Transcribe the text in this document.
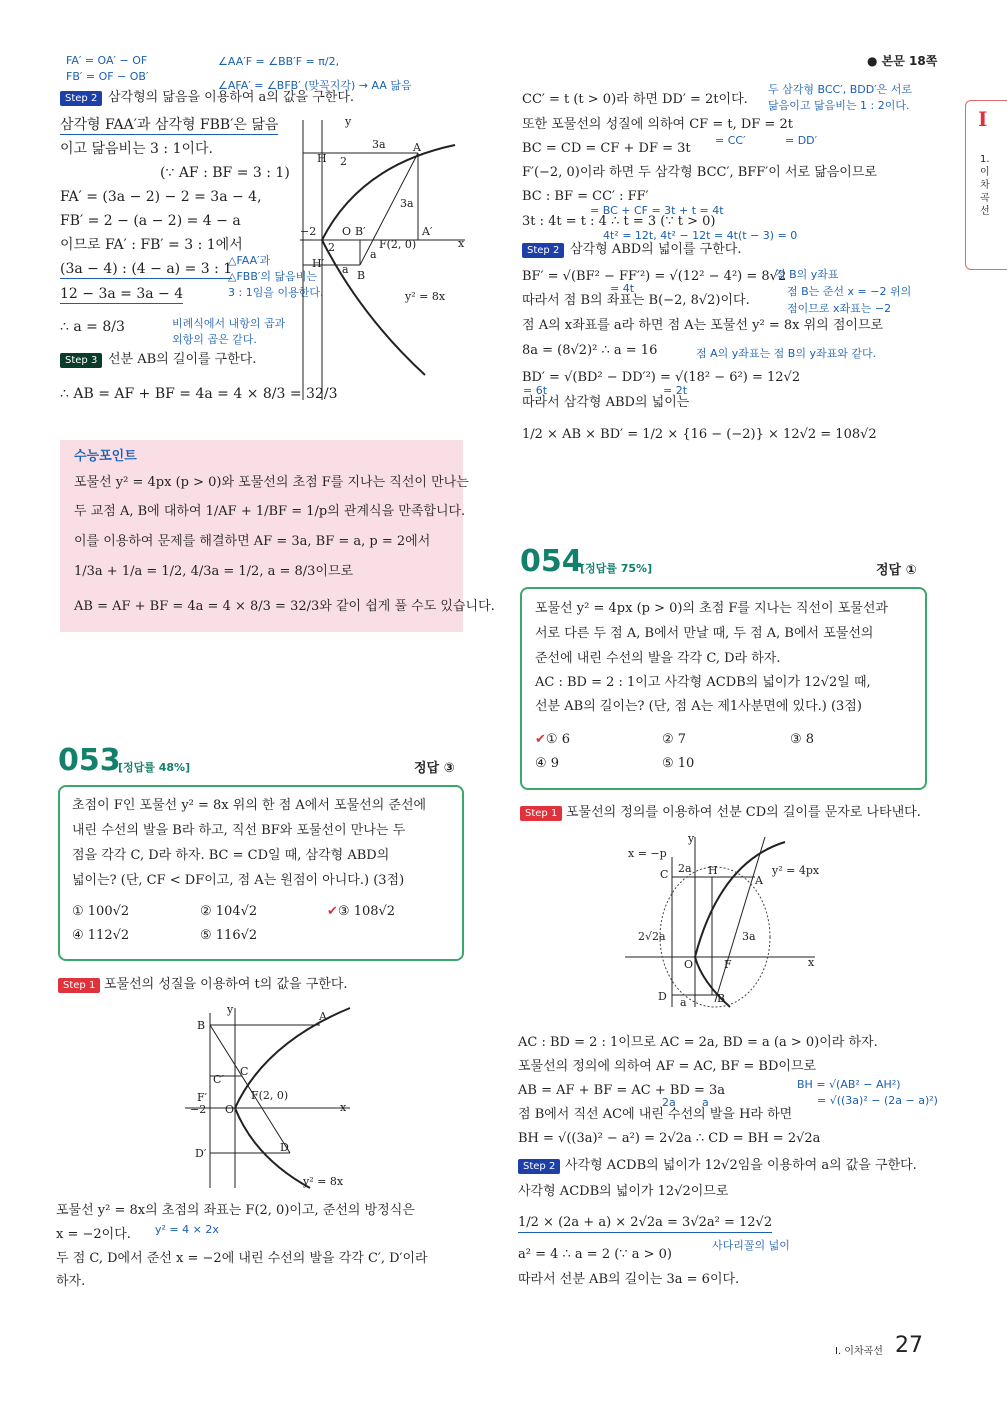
● 본문 18쪽
I
1. 이차곡선
FA′ = OA′ − OF
FB′ = OF − OB′
∠AA′F = ∠BB′F = π/2,
∠AFA′ = ∠BFB′ (맞꼭지각) → AA 닮음
Step 2 삼각형의 닮음을 이용하여 a의 값을 구한다.
삼각형 FAA′과 삼각형 FBB′은 닮음
이고 닮음비는 3 : 1이다.
(∵ AF : BF = 3 : 1)
FA′ = (3a − 2) − 2 = 3a − 4,
FB′ = 2 − (a − 2) = 4 − a
이므로 FA′ : FB′ = 3 : 1에서
(3a − 4) : (4 − a) = 3 : 1
12 − 3a = 3a − 4
∴ a = 8/3
△FAA′과
△FBB′의 닮음비는
3 : 1임을 이용한다.
비례식에서 내항의 곱과
외항의 곱은 같다.
Step 3 선분 AB의 길이를 구한다.
∴ AB = AF + BF = 4a = 4 × 8/3 = 32/3
y
x
H
A
3a
2
3a
−2 O B′	A′
F(2, 0)
H′ a B
2
a
y² = 8x
수능포인트
포물선 y² = 4px (p > 0)와 포물선의 초점 F를 지나는 직선이 만나는
두 교점 A, B에 대하여 1/AF + 1/BF = 1/p의 관계식을 만족합니다.
이를 이용하여 문제를 해결하면 AF = 3a, BF = a, p = 2에서
1/3a + 1/a = 1/2, 4/3a = 1/2, a = 8/3이므로
AB = AF + BF = 4a = 4 × 8/3 = 32/3와 같이 쉽게 풀 수도 있습니다.
053
[정답률 48%]	정답 ③
초점이 F인 포물선 y² = 8x 위의 한 점 A에서 포물선의 준선에
내린 수선의 발을 B라 하고, 직선 BF와 포물선이 만나는 두
점을 각각 C, D라 하자. BC = CD일 때, 삼각형 ABD의
넓이는? (단, CF < DF이고, 점 A는 원점이 아니다.) (3점)
① 100√2	② 104√2	✔③ 108√2
④ 112√2	⑤ 116√2
Step 1 포물선의 성질을 이용하여 t의 값을 구한다.
y
x
B
A
C
C′
F′	F(2, 0)
−2 O
D′	D
y² = 8x
포물선 y² = 8x의 초점의 좌표는 F(2, 0)이고, 준선의 방정식은
x = −2이다. y² = 4 × 2x
두 점 C, D에서 준선 x = −2에 내린 수선의 발을 각각 C′, D′이라
하자.
CC′ = t (t > 0)라 하면 DD′ = 2t이다.
두 삼각형 BCC′, BDD′은 서로
닮음이고 닮음비는 1 : 2이다.
또한 포물선의 성질에 의하여 CF = t, DF = 2t
= CC′	= DD′
BC = CD = CF + DF = 3t
F′(−2, 0)이라 하면 두 삼각형 BCC′, BFF′이 서로 닮음이므로
BC : BF = CC′ : FF′
= BC + CF = 3t + t = 4t
3t : 4t = t : 4 ∴ t = 3 (∵ t > 0)
4t² = 12t, 4t² − 12t = 4t(t − 3) = 0
Step 2 삼각형 ABD의 넓이를 구한다.
BF′ = √(BF² − FF′²) = √(12² − 4²) = 8√2
점 B의 y좌표
= 4t
따라서 점 B의 좌표는 B(−2, 8√2)이다.
점 B는 준선 x = −2 위의
점이므로 x좌표는 −2
점 A의 x좌표를 a라 하면 점 A는 포물선 y² = 8x 위의 점이므로
8a = (8√2)² ∴ a = 16	점 A의 y좌표는 점 B의 y좌표와 같다.
BD′ = √(BD² − DD′²) = √(18² − 6²) = 12√2
= 6t	= 2t
따라서 삼각형 ABD의 넓이는
1/2 × AB × BD′ = 1/2 × {16 − (−2)} × 12√2 = 108√2
054
[정답률 75%]	정답 ①
포물선 y² = 4px (p > 0)의 초점 F를 지나는 직선이 포물선과
서로 다른 두 점 A, B에서 만날 때, 두 점 A, B에서 포물선의
준선에 내린 수선의 발을 각각 C, D라 하자.
AC : BD = 2 : 1이고 사각형 ACDB의 넓이가 12√2일 때,
선분 AB의 길이는? (단, 점 A는 제1사분면에 있다.) (3점)
✔① 6	② 7	③ 8
④ 9	⑤ 10
Step 1 포물선의 정의를 이용하여 선분 CD의 길이를 문자로 나타낸다.
y
x = −p
C 2a H
A
y² = 4px
2√2a	3a
O	F	x
D a	B
AC : BD = 2 : 1이므로 AC = 2a, BD = a (a > 0)이라 하자.
포물선의 정의에 의하여 AF = AC, BF = BD이므로
AB = AF + BF = AC + BD = 3a	BH = √(AB² − AH²)
= √((3a)² − (2a − a)²)
2a a
점 B에서 직선 AC에 내린 수선의 발을 H라 하면
BH = √((3a)² − a²) = 2√2a ∴ CD = BH = 2√2a
Step 2 사각형 ACDB의 넓이가 12√2임을 이용하여 a의 값을 구한다.
사각형 ACDB의 넓이가 12√2이므로
1/2 × (2a + a) × 2√2a = 3√2a² = 12√2
사다리꼴의 넓이
a² = 4 ∴ a = 2 (∵ a > 0)
따라서 선분 AB의 길이는 3a = 6이다.
Ⅰ. 이차곡선 27
